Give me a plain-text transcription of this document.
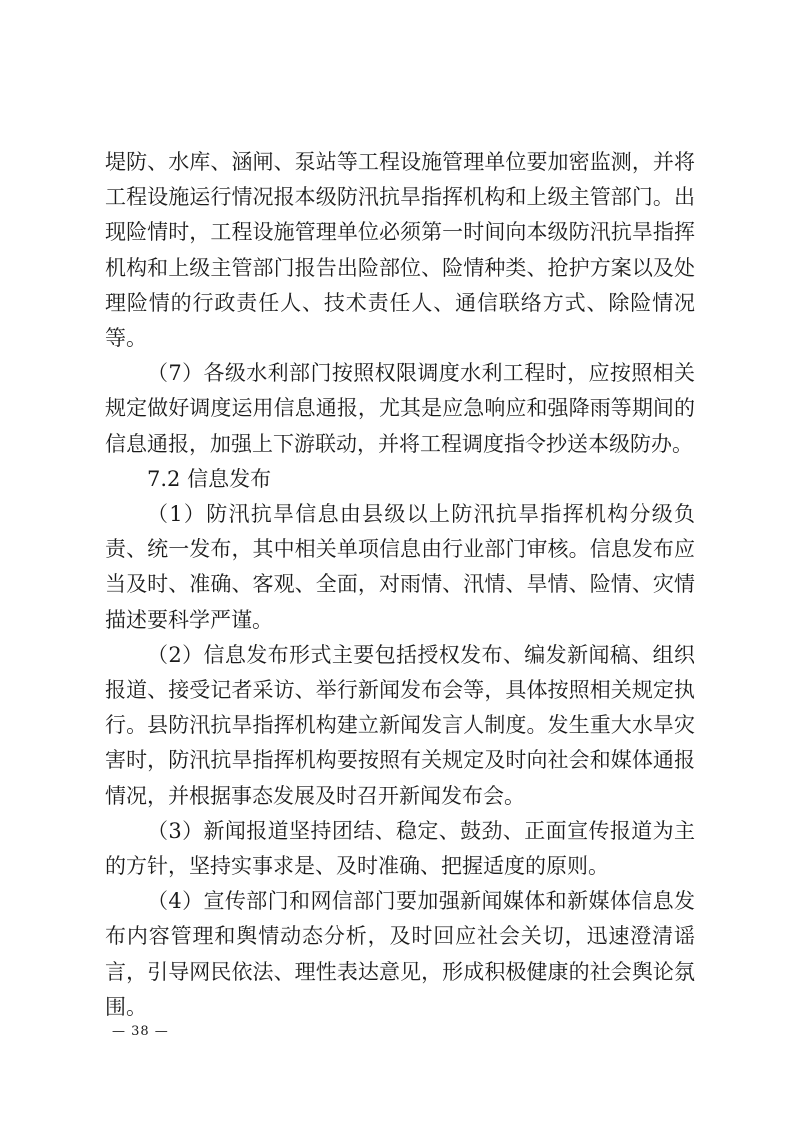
堤防、水库、涵闸、泵站等工程设施管理单位要加密监测，并将工程设施运行情况报本级防汛抗旱指挥机构和上级主管部门。出现险情时，工程设施管理单位必须第一时间向本级防汛抗旱指挥机构和上级主管部门报告出险部位、险情种类、抢护方案以及处理险情的行政责任人、技术责任人、通信联络方式、除险情况等。

（7）各级水利部门按照权限调度水利工程时，应按照相关规定做好调度运用信息通报，尤其是应急响应和强降雨等期间的信息通报，加强上下游联动，并将工程调度指令抄送本级防办。

7.2 信息发布

（1）防汛抗旱信息由县级以上防汛抗旱指挥机构分级负责、统一发布，其中相关单项信息由行业部门审核。信息发布应当及时、准确、客观、全面，对雨情、汛情、旱情、险情、灾情描述要科学严谨。

（2）信息发布形式主要包括授权发布、编发新闻稿、组织报道、接受记者采访、举行新闻发布会等，具体按照相关规定执行。县防汛抗旱指挥机构建立新闻发言人制度。发生重大水旱灾害时，防汛抗旱指挥机构要按照有关规定及时向社会和媒体通报情况，并根据事态发展及时召开新闻发布会。

（3）新闻报道坚持团结、稳定、鼓劲、正面宣传报道为主的方针，坚持实事求是、及时准确、把握适度的原则。

（4）宣传部门和网信部门要加强新闻媒体和新媒体信息发布内容管理和舆情动态分析，及时回应社会关切，迅速澄清谣言，引导网民依法、理性表达意见，形成积极健康的社会舆论氛围。

— 38 —
